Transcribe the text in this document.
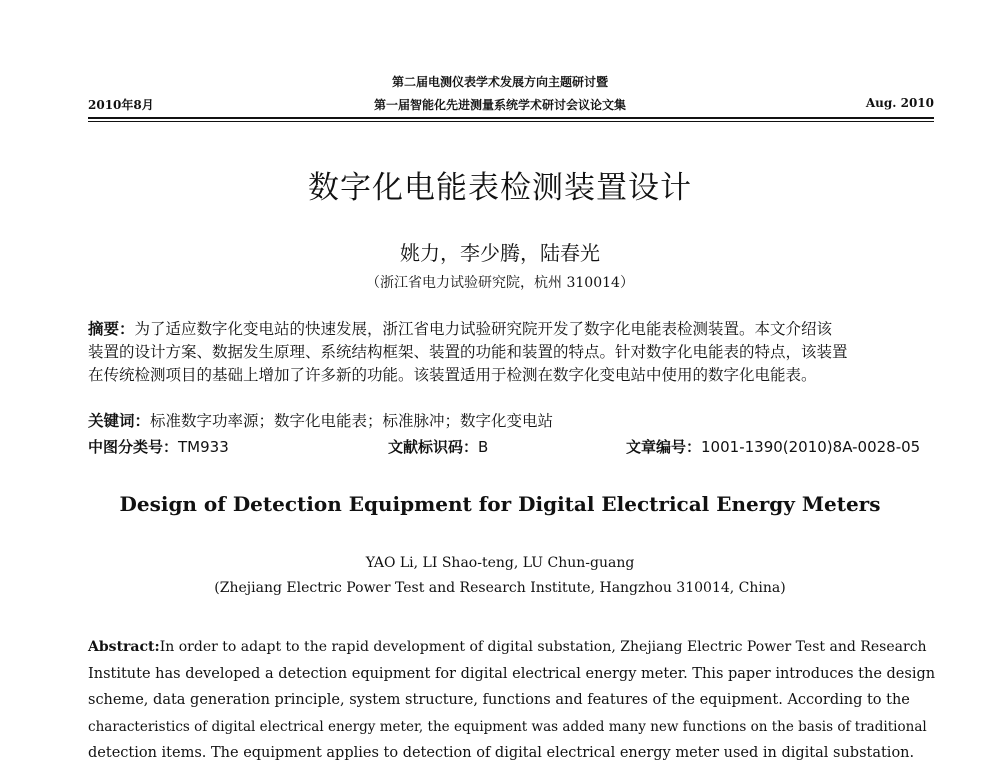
2010年8月
第二届电测仪表学术发展方向主题研讨暨
第一届智能化先进测量系统学术研讨会议论文集	Aug. 2010
数字化电能表检测装置设计
姚力，李少腾，陆春光
（浙江省电力试验研究院，杭州 310014）

摘要：为了适应数字化变电站的快速发展，浙江省电力试验研究院开发了数字化电能表检测装置。本文介绍该

装置的设计方案、数据发生原理、系统结构框架、装置的功能和装置的特点。针对数字化电能表的特点，该装置

在传统检测项目的基础上增加了许多新的功能。该装置适用于检测在数字化变电站中使用的数字化电能表。

关键词：标准数字功率源；数字化电能表；标准脉冲；数字化变电站

中图分类号：TM933	文献标识码：B	文章编号：1001-1390(2010)8A-0028-05
Design of Detection Equipment for Digital Electrical Energy Meters
YAO Li, LI Shao-teng, LU Chun-guang
(Zhejiang Electric Power Test and Research Institute, Hangzhou 310014, China)

Abstract:In order to adapt to the rapid development of digital substation, Zhejiang Electric Power Test and Research

Institute has developed a detection equipment for digital electrical energy meter. This paper introduces the design

scheme, data generation principle, system structure, functions and features of the equipment. According to the

characteristics of digital electrical energy meter, the equipment was added many new functions on the basis of traditional

detection items. The equipment applies to detection of digital electrical energy meter used in digital substation.
